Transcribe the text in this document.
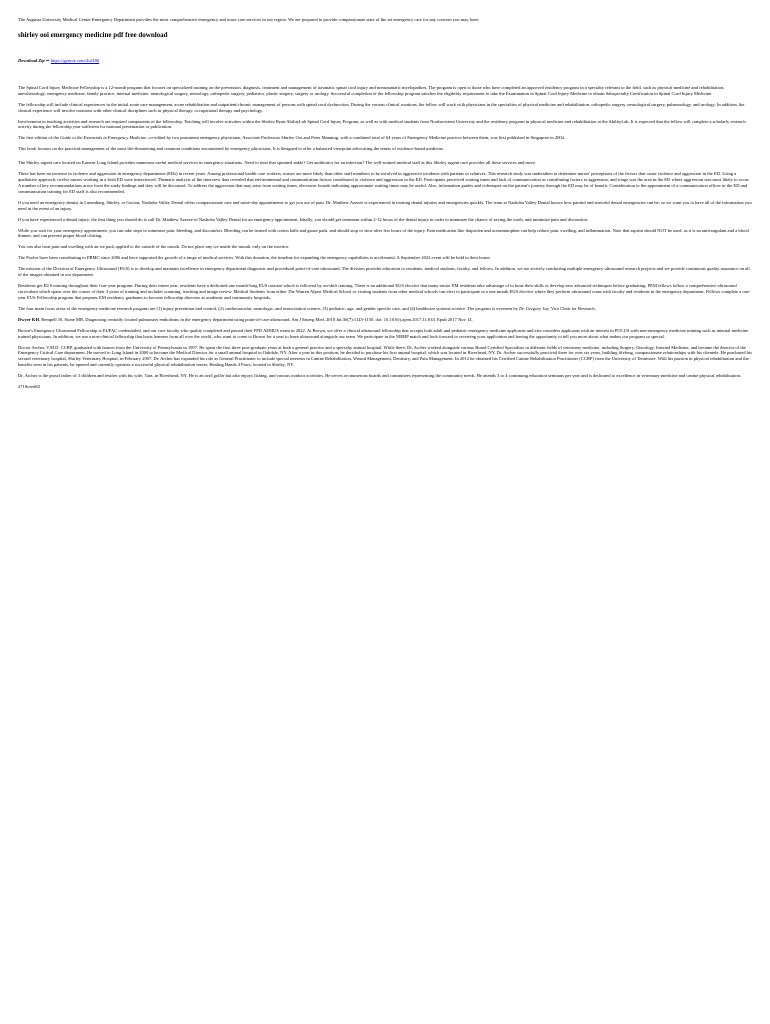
The Augusta University Medical Center Emergency Department provides the most comprehensive emergency and acute care services in our region. We are prepared to provide compassionate state of the art emergency care for any concern you may have.

shirley ooi emergency medicine pdf free download

Download Zip ⇒ https://gynoiz.com/2s2486

The Spinal Cord Injury Medicine Fellowship is a 12-month program that focuses on specialized training on the prevention, diagnosis, treatment and management of traumatic spinal cord injury and nontraumatic myelopathies. The program is open to those who have completed an approved residency program in a specialty relevant to the field, such as physical medicine and rehabilitation, anesthesiology, emergency medicine, family practice, internal medicine, neurological surgery, neurology, orthopedic surgery, pediatrics, plastic surgery, surgery or urology. Successful completion of the fellowship program satisfies the eligibility requirement to take the Examination in Spinal Cord Injury Medicine to obtain Subspecialty Certification in Spinal Cord Injury Medicine.

The fellowship will include clinical experiences in the initial acute care management, acute rehabilitation and outpatient/chronic management of persons with spinal cord dysfunction. During the various clinical rotations, the fellow will work with physicians in the specialties of physical medicine and rehabilitation, orthopedic surgery, neurological surgery, pulmonology, and urology. In addition, the clinical experience will involve rotations with other clinical disciplines such as physical therapy, occupational therapy and psychology.

Involvement in teaching activities and research are required components of the fellowship. Teaching will involve activities within the Shirley Ryan AbilityLab Spinal Cord Injury Program, as well as with medical students from Northwestern University and the residency program in physical medicine and rehabilitation at the AbilityLab. It is expected that the fellow will complete a scholarly research activity during the fellowship year sufficient for national presentation or publication.

The first edition of the Guide to the Essentials in Emergency Medicine, co-edited by two prominent emergency physicians, Associate Professors Shirley Ooi and Peter Manning, with a combined total of 64 years of Emergency Medicine practice between them, was first published in Singapore in 2004.

This book focuses on the practical management of the most life-threatening and common conditions encountered by emergency physicians. It is designed to offer a balanced viewpoint advocating the tenets of evidence-based medicine.

The Shirley urgent care located on Eastern Long Island provides numerous useful medical services in emergency situations. Need to treat that sprained ankle? Get antibiotics for an infection? The well-trained medical staff at this Shirley urgent care provides all these services and more.

There has been an increase in violence and aggression in emergency departments (EDs) in recent years. Among professional health care workers, nurses are more likely than other staff members to be involved in aggressive incidents with patients or relatives. This research study was undertaken to determine nurses' perceptions of the factors that cause violence and aggression in the ED. Using a qualitative approach, twelve nurses working in a Irish ED were interviewed. Thematic analysis of the interview data revealed that environmental and communication factors contributed to violence and aggression in the ED. Participants perceived waiting times and lack of communication as contributing factors to aggression, and triage was the area in the ED where aggression was most likely to occur. A number of key recommendations arose from the study findings and they will be discussed. To address the aggression that may arise from waiting times, electronic boards indicating approximate waiting times may be useful. Also, information guides and videotapes on the patient's journey through the ED may be of benefit. Consideration to the appointment of a communication officer in the ED and communication training for ED staff is also recommended.

If you need an emergency dentist in Lunenburg, Shirley, or Groton, Nashoba Valley Dental offers compassionate care and same-day appointments to get you out of pain. Dr. Matthew Azzeze is experienced in treating dental injuries and emergencies quickly. The team at Nashoba Valley Dental knows how painful and stressful dental emergencies can be, so we want you to have all of the information you need in the event of an injury.

If you have experienced a dental injury, the first thing you should do is call Dr. Matthew Azzeze of Nashoba Valley Dental for an emergency appointment. Ideally, you should get treatment within 2-12 hours of the dental injury in order to minimize the chance of saving the tooth, and minimize pain and discomfort.

While you wait for your emergency appointment, you can take steps to minimize pain, bleeding, and discomfort. Bleeding can be treated with cotton balls and gauze pads, and should stop or slow after few hours of the injury. Pain medication like ibuprofen and acetaminophen can help reduce pain, swelling, and inflammation. Note that aspirin should NOT be used, as it is an anticoagulant and a blood thinner, and can prevent proper blood clotting.

You can also treat pain and swelling with an ice pack applied to the outside of the mouth. Do not place any ice inside the mouth, only on the exterior.

The Pooles have been contributing to PBMC since 2006 and have supported the growth of a range of medical services. With this donation, the timeline for expanding the emergency capabilities is accelerated. A September 2022 event will be held in their honor.

The mission of the Division of Emergency Ultrasound (EUS) is to develop and maintain excellence in emergency department diagnostic and procedural point-of-care ultrasound. The division provides education to residents, medical students, faculty, and fellows. In addition, we are actively conducting multiple emergency ultrasound research projects and we provide continuous quality assurance on all of the images obtained in our department.

Residents get EUS training throughout their four-year program. During their intern year, residents have a dedicated one month-long EUS rotation which is followed by on-shift training. There is an additional EUS elective that many senior EM residents take advantage of to hone their skills or develop new advanced techniques before graduating. PEM fellows follow a comprehensive ultrasound curriculum which spans over the course of their 3 years of training and includes scanning, teaching and image review. Medical Students from either The Warren Alpert Medical School or visiting students from other medical schools can elect to participate in a one month EUS elective where they perform ultrasound scans with faculty and residents in the emergency department. Fellows complete a one-year EUS Fellowship program that prepares EM residency graduates to become fellowship directors at academic and community hospitals.

The four main focus areas of the emergency medicine research program are (1) injury prevention and control, (2) cardiovascular, neurologic, and resuscitation science, (3) pediatric, age, and gender specific care, and (4) healthcare systems science. The program is overseen by Dr. Gregory Jay, Vice Chair for Research.

Dwyer KH, Rempell JS, Stone MB. Diagnosing centrally located pulmonary embolisms in the emergency department using point-of-care ultrasound. Am J Emerg Med. 2018 Jul;36(7):1145-1150. doi: 10.1016/j.ajem.2017.11.033. Epub 2017 Nov 14.

Brown's Emergency Ultrasound Fellowship is EUFAC credentialed, and our core faculty who quality completed and passed their FPD AEMUS exam in 2022. At Brown, we offer a clinical ultrasound fellowship that accepts both adult and pediatric emergency medicine applicants and also considers applicants with an interest in POCUS with non-emergency medicine training such as internal medicine trained physicians. In addition, we run a non-clinical fellowship that hosts learners from all over the world, who want to come to Brown for a year to learn ultrasound alongside our team. We participate in the NRMP match and look forward to receiving your application and having the opportunity to tell you more about what makes our program so special.

Doctor Archer, V.M.D. CCRP, graduated with honors from the University of Pennsylvania in 1997. He spent the first three post-graduate years at both a general practice and a specialty animal hospital. While there, Dr. Archer worked alongside various Board Certified Specialists in different fields of veterinary medicine, including Surgery, Oncology, Internal Medicine, and became the director of the Emergency Critical Care department. He moved to Long Island in 2000 to become the Medical Director for a small animal hospital in Oakdale, NY. After a year in this position, he decided to purchase his first animal hospital, which was located in Riverhead, NY. Dr. Archer successfully practiced there for over six years, building lifelong, compassionate relationships with his clientele. He purchased his second veterinary hospital, Shirley Veterinary Hospital, in February 2007. Dr. Archer has expanded his role as General Practitioner to include special interests in Canine Rehabilitation, Wound Management, Dentistry, and Pain Management. In 2012 he obtained his Certified Canine Rehabilitation Practitioner (CCRP) from the University of Tennessee. With his passion in physical rehabilitation and the benefits seen in his patients, he opened and currently operates a successful physical rehabilitation center, Healing Hands 4 Paws, located in Shirley, NY.

Dr. Archer is the proud father of 3 children and resides with his wife, Tara, in Riverhead, NY. He is an avid golfer but also enjoys fishing, and various outdoor activities. He serves on numerous boards and committees representing the community needs. He attends 3 to 4 continuing education seminars per year and is dedicated to excellence in veterinary medicine and canine physical rehabilitation.

2718ceed82
